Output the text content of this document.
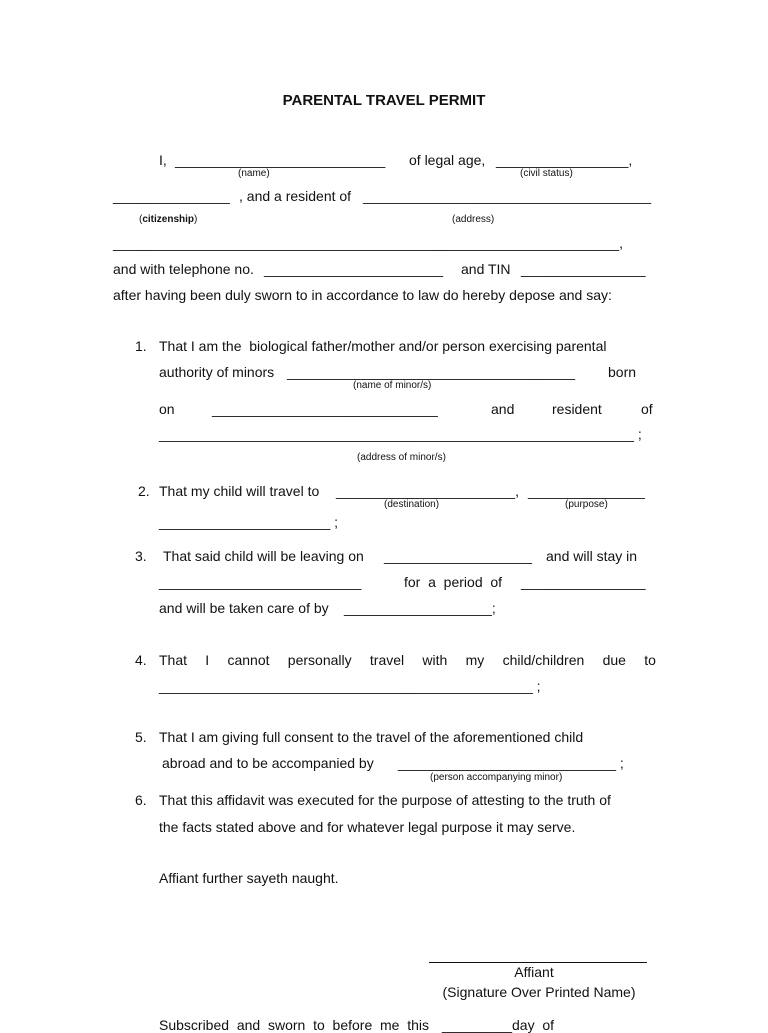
PARENTAL TRAVEL PERMIT
I, ___________________________ of legal age, _________________,
(name)	(civil status)
_______________ , and a resident of _____________________________________
(citizenship)	(address)
_________________________________________________________________,
and with telephone no. _______________________ and TIN ________________
after having been duly sworn to in accordance to law do hereby depose and say:
1. That I am the  biological father/mother and/or person exercising parental
authority of minors _____________________________________ born
(name of minor/s)
on	_____________________________	and	resident	of
_____________________________________________________________ ;
(address of minor/s)
2. That my child will travel to _______________________, _______________
(destination)	(purpose)
______________________ ;
3. That said child will be leaving on ___________________ and will stay in
__________________________	for  a  period  of ________________
and will be taken care of by ___________________;
4. That I cannot personally travel with my child/children due to
________________________________________________ ;
5. That I am giving full consent to the travel of the aforementioned child
abroad and to be accompanied by ____________________________ ;
(person accompanying minor)
6. That this affidavit was executed for the purpose of attesting to the truth of
the facts stated above and for whatever legal purpose it may serve.
Affiant further sayeth naught.
Affiant
(Signature Over Printed Name)
Subscribed  and  sworn  to  before  me  this _________ day  of
